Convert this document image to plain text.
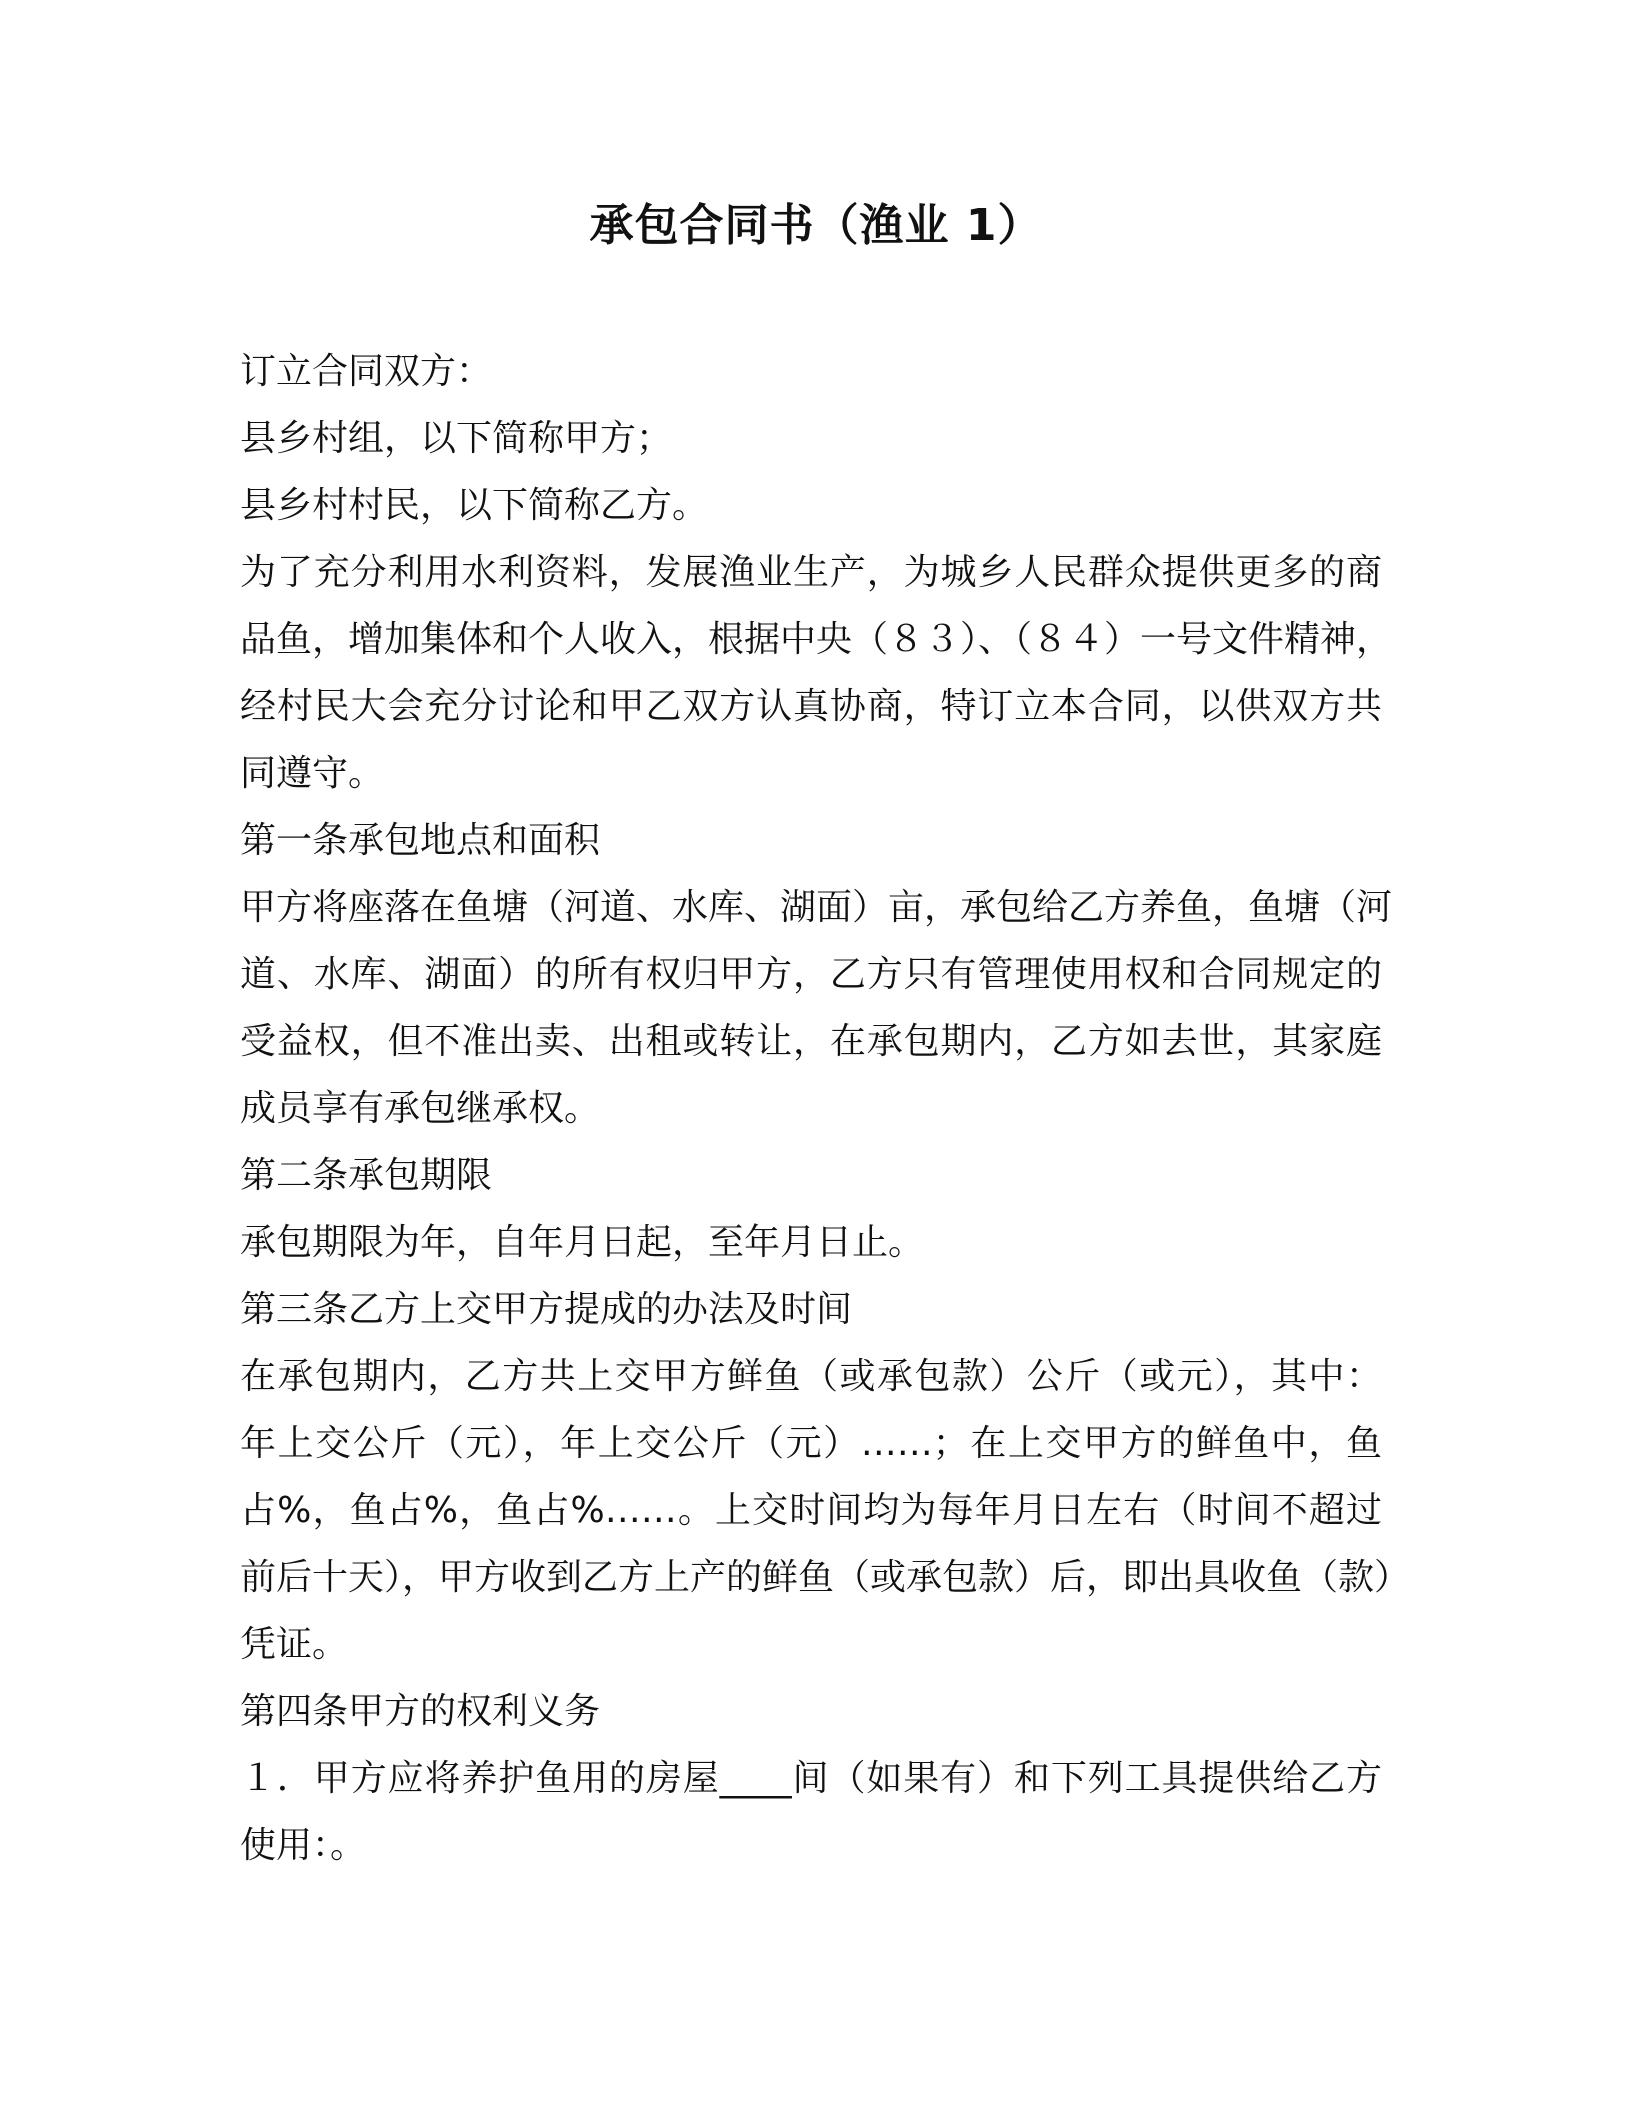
承包合同书（渔业 1）
订立合同双方：
县乡村组，以下简称甲方；
县乡村村民，以下简称乙方。
为了充分利用水利资料，发展渔业生产，为城乡人民群众提供更多的商
品鱼，增加集体和个人收入，根据中央（８３）、（８４）一号文件精神，
经村民大会充分讨论和甲乙双方认真协商，特订立本合同，以供双方共
同遵守。
第一条承包地点和面积
甲方将座落在鱼塘（河道、水库、湖面）亩，承包给乙方养鱼，鱼塘（河
道、水库、湖面）的所有权归甲方，乙方只有管理使用权和合同规定的
受益权，但不准出卖、出租或转让，在承包期内，乙方如去世，其家庭
成员享有承包继承权。
第二条承包期限
承包期限为年，自年月日起，至年月日止。
第三条乙方上交甲方提成的办法及时间
在承包期内，乙方共上交甲方鲜鱼（或承包款）公斤（或元），其中：
年上交公斤（元），年上交公斤（元）……；在上交甲方的鲜鱼中，鱼
占%，鱼占%，鱼占%……。上交时间均为每年月日左右（时间不超过
前后十天），甲方收到乙方上产的鲜鱼（或承包款）后，即出具收鱼（款）
凭证。
第四条甲方的权利义务
１．甲方应将养护鱼用的房屋____间（如果有）和下列工具提供给乙方
使用：。
